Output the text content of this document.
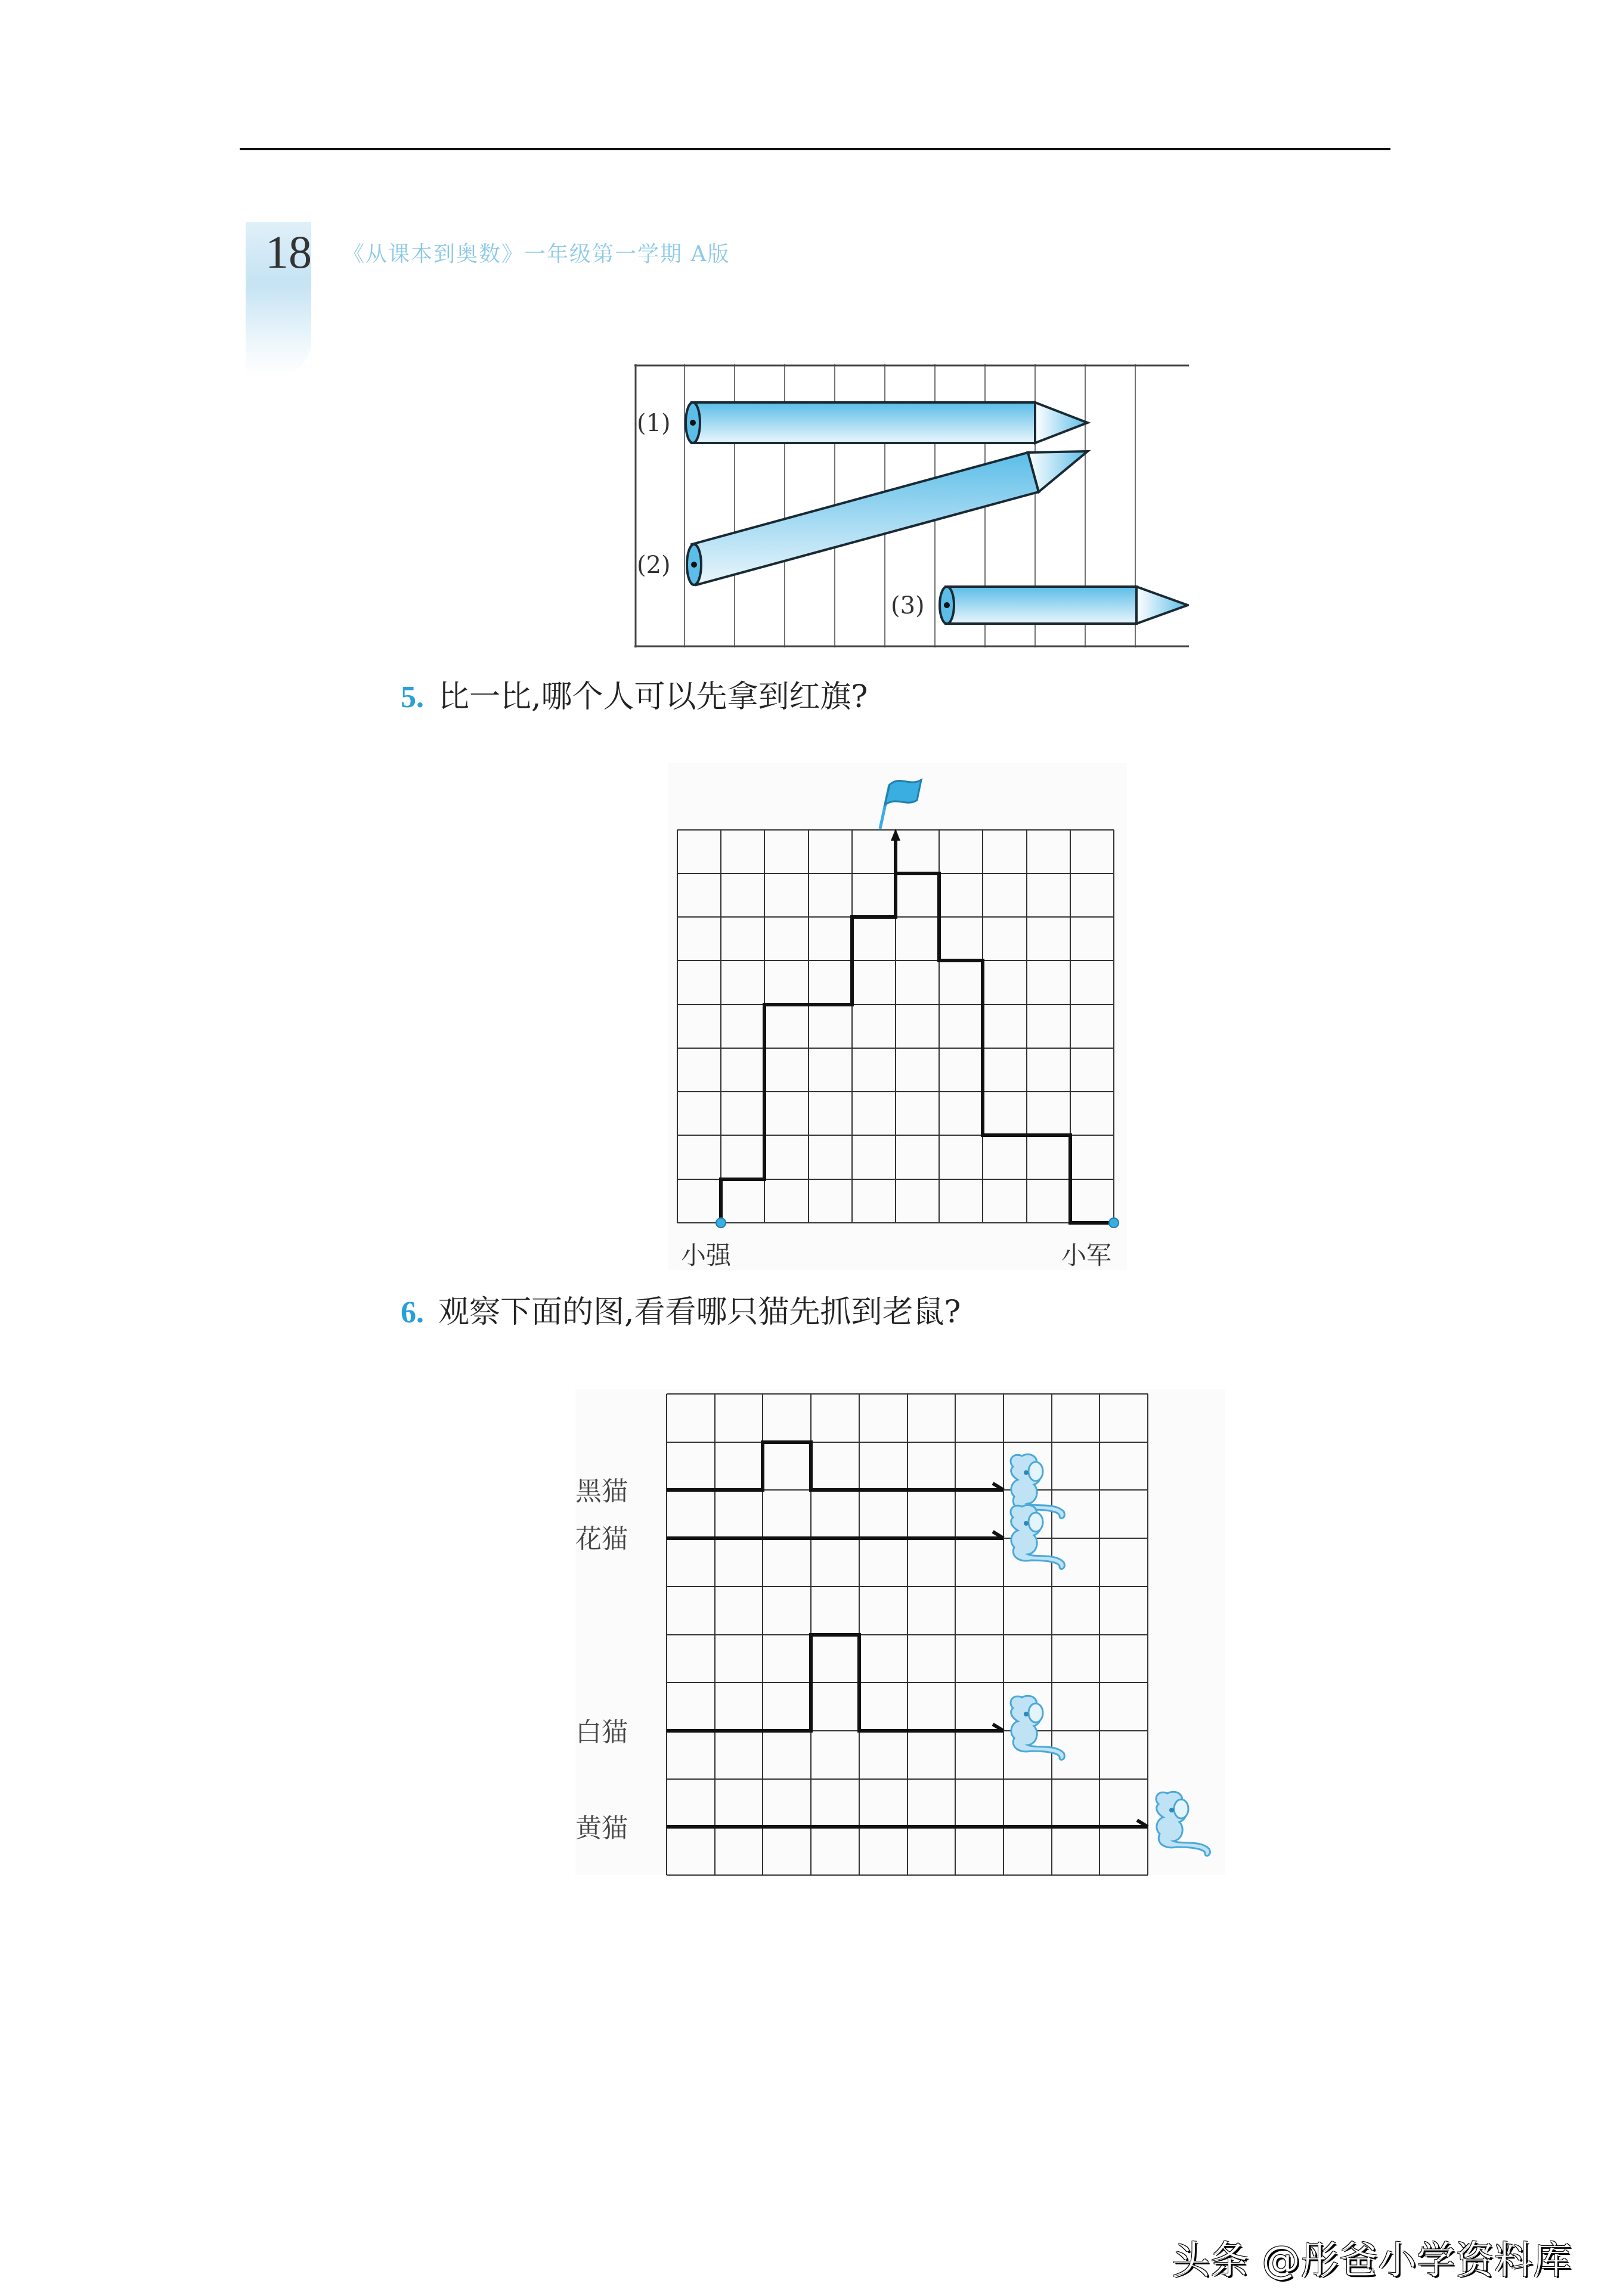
18 《从课本到奥数》一年级第一学期 A版
(1)
(2)
(3)
5. 比一比,哪个人可以先拿到红旗?
小强	小军
6. 观察下面的图,看看哪只猫先抓到老鼠?
黑猫
花猫
白猫
黄猫
头条 @彤爸小学资料库
